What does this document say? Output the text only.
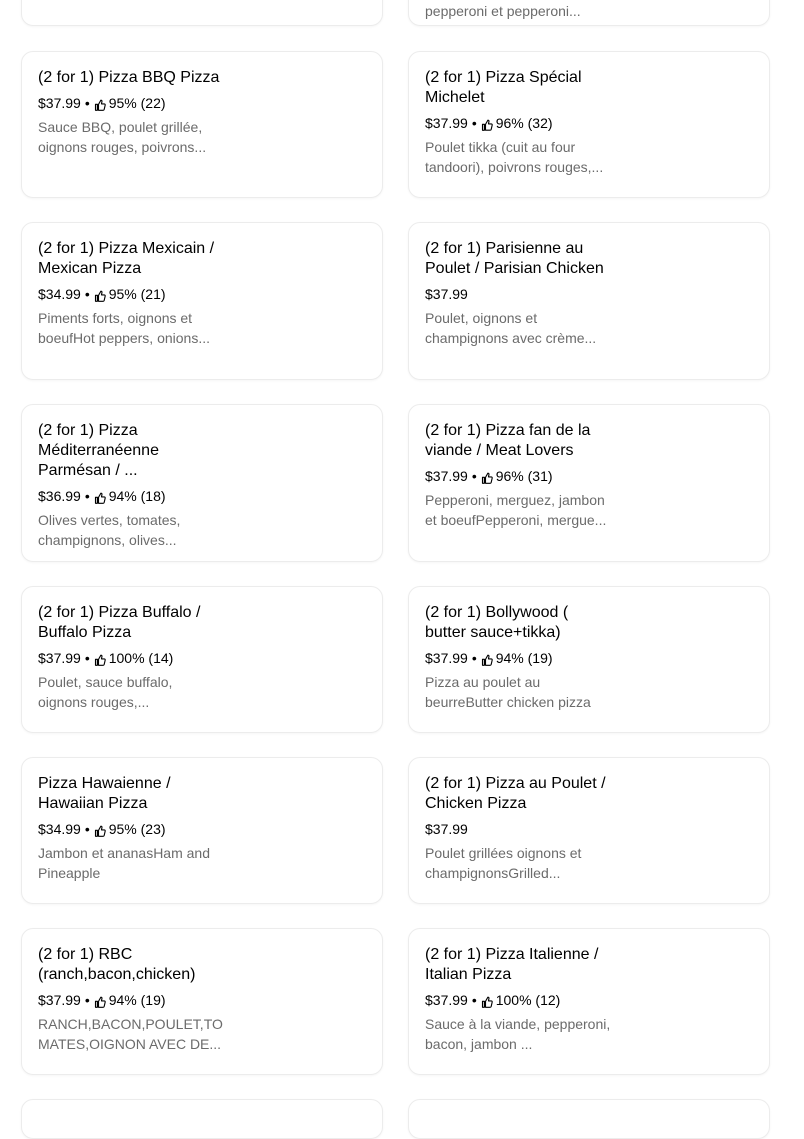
pepperoni et pepperoni...
(2 for 1) Pizza BBQ Pizza
$37.99 • 95% (22)
Sauce BBQ, poulet grillée, oignons rouges, poivrons...
(2 for 1) Pizza Spécial Michelet
$37.99 • 96% (32)
Poulet tikka (cuit au four tandoori), poivrons rouges,...
(2 for 1) Pizza Mexicain / Mexican Pizza
$34.99 • 95% (21)
Piments forts, oignons et boeufHot peppers, onions...
(2 for 1) Parisienne au Poulet / Parisian Chicken
$37.99
Poulet, oignons et champignons avec crème...
(2 for 1) Pizza Méditerranéenne Parmésan / ...
$36.99 • 94% (18)
Olives vertes, tomates, champignons, olives...
(2 for 1) Pizza fan de la viande / Meat Lovers
$37.99 • 96% (31)
Pepperoni, merguez, jambon et boeufPepperoni, mergue...
(2 for 1) Pizza Buffalo / Buffalo Pizza
$37.99 • 100% (14)
Poulet, sauce buffalo, oignons rouges,...
(2 for 1) Bollywood ( butter sauce+tikka)
$37.99 • 94% (19)
Pizza au poulet au beurreButter chicken pizza
Pizza Hawaienne / Hawaiian Pizza
$34.99 • 95% (23)
Jambon et ananasHam and Pineapple
(2 for 1) Pizza au Poulet / Chicken Pizza
$37.99
Poulet grillées oignons et champignonsGrilled...
(2 for 1) RBC (ranch,bacon,chicken)
$37.99 • 94% (19)
RANCH,BACON,POULET,TOMATES,OIGNON AVEC DE...
(2 for 1) Pizza Italienne / Italian Pizza
$37.99 • 100% (12)
Sauce à la viande, pepperoni, bacon, jambon ...
